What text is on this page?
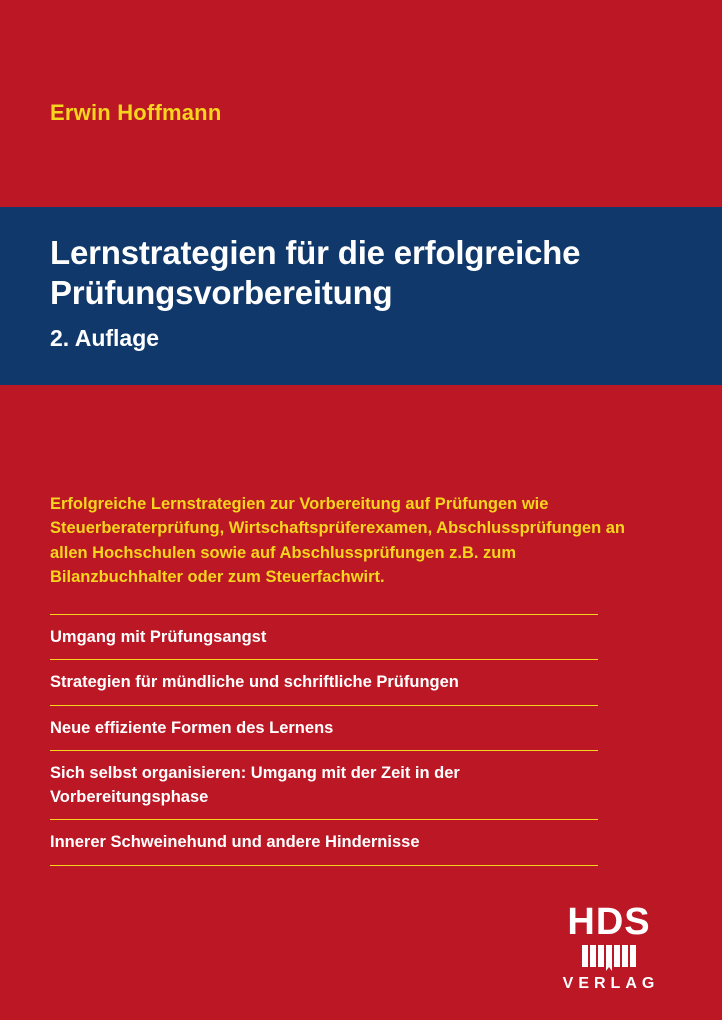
Erwin Hoffmann
Lernstrategien für die erfolgreiche Prüfungsvorbereitung
2. Auflage
Erfolgreiche Lernstrategien zur Vorbereitung auf Prüfungen wie Steuerberaterprüfung, Wirtschaftsprüferexamen, Abschlussprüfungen an allen Hochschulen sowie auf Abschlussprüfungen z.B. zum Bilanzbuchhalter oder zum Steuerfachwirt.
Umgang mit Prüfungsangst
Strategien für mündliche und schriftliche Prüfungen
Neue effiziente Formen des Lernens
Sich selbst organisieren: Umgang mit der Zeit in der Vorbereitungsphase
Innerer Schweinehund und andere Hindernisse
HDS
VERLAG
